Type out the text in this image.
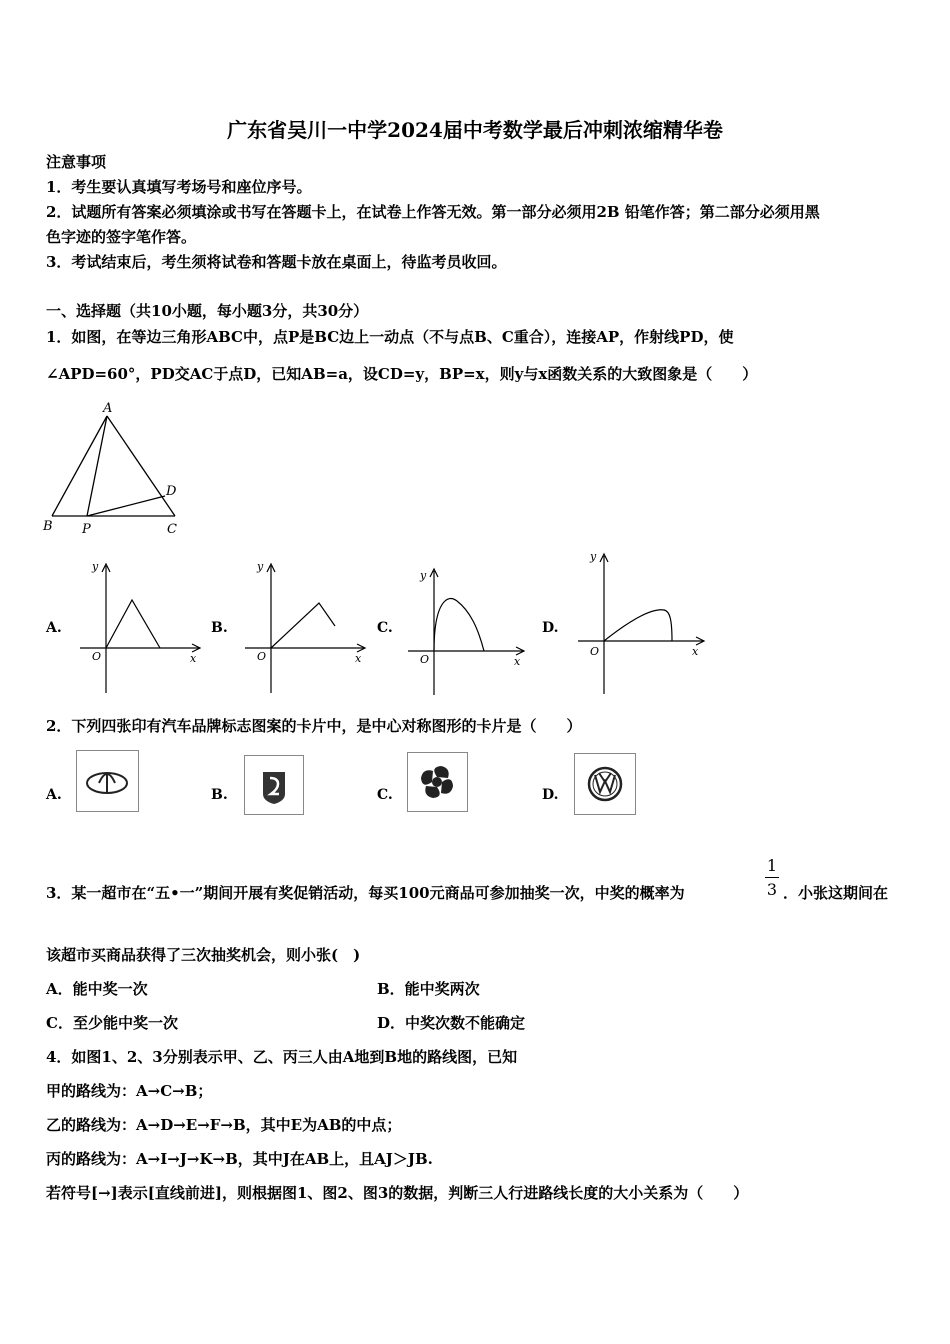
广东省吴川一中学2024届中考数学最后冲刺浓缩精华卷
注意事项
1．考生要认真填写考场号和座位序号。
2．试题所有答案必须填涂或书写在答题卡上，在试卷上作答无效。第一部分必须用2B 铅笔作答；第二部分必须用黑
色字迹的签字笔作答。
3．考试结束后，考生须将试卷和答题卡放在桌面上，待监考员收回。
一、选择题（共10小题，每小题3分，共30分）
1．如图，在等边三角形ABC中，点P是BC边上一动点（不与点B、C重合），连接AP，作射线PD，使
∠APD=60°，PD交AC于点D，已知AB=a，设CD=y，BP=x，则y与x函数关系的大致图象是（　　）
A
B P	C
D
A.	B.	C.	D.
y
O	x
y
O	x
y
O	x
y
O	x
2．下列四张印有汽车品牌标志图案的卡片中，是中心对称图形的卡片是（　　）
A.	B.	C.	D.
3．某一超市在“五•一”期间开展有奖促销活动，每买100元商品可参加抽奖一次，中奖的概率为
1
3 ．小张这期间在
该超市买商品获得了三次抽奖机会，则小张(　)
A．能中奖一次	B．能中奖两次
C．至少能中奖一次	D．中奖次数不能确定
4．如图1、2、3分别表示甲、乙、丙三人由A地到B地的路线图，已知
甲的路线为：A→C→B；
乙的路线为：A→D→E→F→B，其中E为AB的中点；
丙的路线为：A→I→J→K→B，其中J在AB上，且AJ＞JB.
若符号[→]表示[直线前进]，则根据图1、图2、图3的数据，判断三人行进路线长度的大小关系为（　　）
